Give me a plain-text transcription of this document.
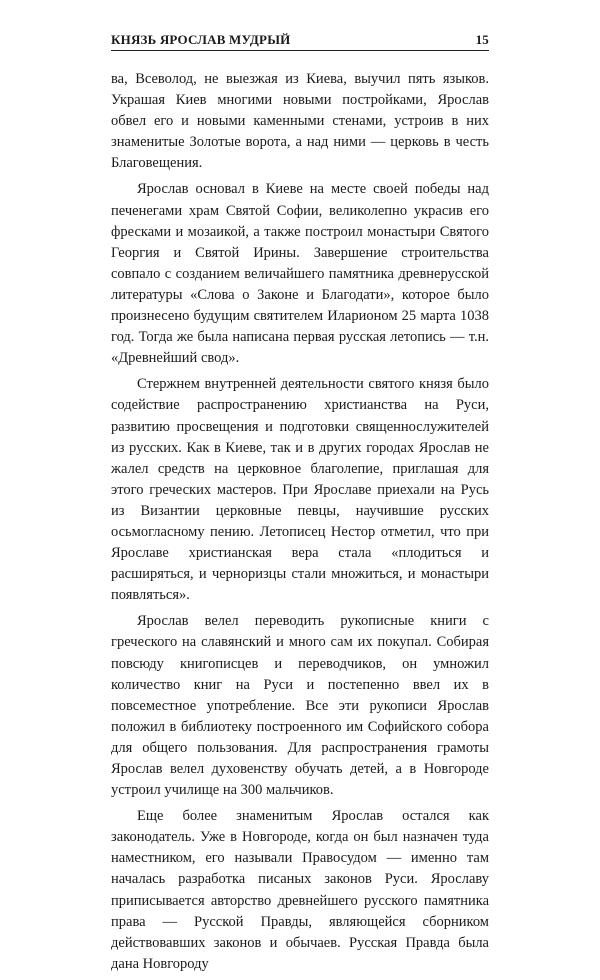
КНЯЗЬ ЯРОСЛАВ МУДРЫЙ	15

ва, Всеволод, не выезжая из Киева, выучил пять языков. Украшая Киев многими новыми постройками, Ярослав обвел его и новыми каменными стенами, устроив в них знаменитые Золотые ворота, а над ними — церковь в честь Благовещения.

Ярослав основал в Киеве на месте своей победы над печенегами храм Святой Софии, великолепно украсив его фресками и мозаикой, а также построил монастыри Святого Георгия и Святой Ирины. Завершение строительства совпало с созданием величайшего памятника древнерусской литературы «Слова о Законе и Благодати», которое было произнесено будущим святителем Иларионом 25 марта 1038 год. Тогда же была написана первая русская летопись — т.н. «Древнейший свод».

Стержнем внутренней деятельности святого князя было содействие распространению христианства на Руси, развитию просвещения и подготовки священнослужителей из русских. Как в Киеве, так и в других городах Ярослав не жалел средств на церковное благолепие, приглашая для этого греческих мастеров. При Ярославе приехали на Русь из Византии церковные певцы, научившие русских осьмогласному пению. Летописец Нестор отметил, что при Ярославе христианская вера стала «плодиться и расширяться, и черноризцы стали множиться, и монастыри появляться».

Ярослав велел переводить рукописные книги с греческого на славянский и много сам их покупал. Собирая повсюду книгописцев и переводчиков, он умножил количество книг на Руси и постепенно ввел их в повсеместное употребление. Все эти рукописи Ярослав положил в библиотеку построенного им Софийского собора для общего пользования. Для распространения грамоты Ярослав велел духовенству обучать детей, а в Новгороде устроил училище на 300 мальчиков.

Еще более знаменитым Ярослав остался как законодатель. Уже в Новгороде, когда он был назначен туда наместником, его называли Правосудом — именно там началась разработка писаных законов Руси. Ярославу приписывается авторство древнейшего русского памятника права — Русской Правды, являющейся сборником действовавших законов и обычаев. Русская Правда была дана Новгороду
